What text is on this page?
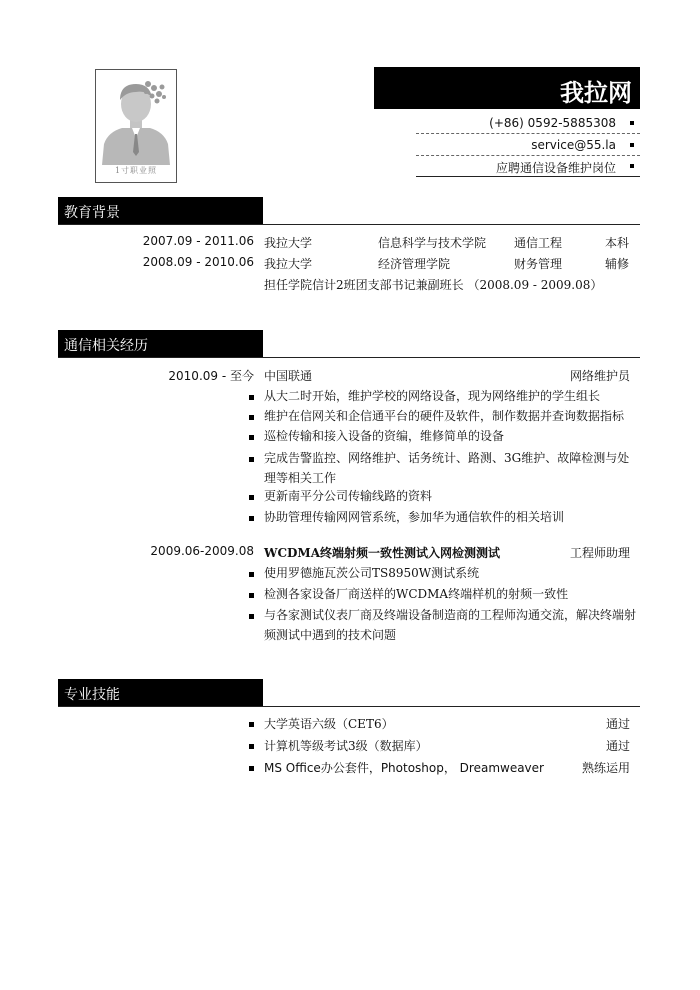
1寸职业照
我拉网
(+86) 0592-5885308
service@55.la
应聘通信设备维护岗位
教育背景
2007.09 - 2011.06 我拉大学	信息科学与技术学院 通信工程	本科
2008.09 - 2010.06 我拉大学	经济管理学院	财务管理	辅修
担任学院信计2班团支部书记兼副班长 （2008.09 - 2009.08）
通信相关经历
2010.09 - 至今 中国联通	网络维护员
从大二时开始，维护学校的网络设备，现为网络维护的学生组长
维护在信网关和企信通平台的硬件及软件，制作数据并查询数据指标
巡检传输和接入设备的资编，维修简单的设备
完成告警监控、网络维护、话务统计、路测、3G维护、故障检测与处理等相关工作
更新南平分公司传输线路的资料
协助管理传输网网管系统，参加华为通信软件的相关培训
2009.06-2009.08 WCDMA终端射频一致性测试入网检测测试	工程师助理
使用罗德施瓦茨公司TS8950W测试系统
检测各家设备厂商送样的WCDMA终端样机的射频一致性
与各家测试仪表厂商及终端设备制造商的工程师沟通交流，解决终端射频测试中遇到的技术问题
专业技能
大学英语六级（CET6）	通过
计算机等级考试3级（数据库）	通过
MS Office办公套件，Photoshop， Dreamweaver	熟练运用
